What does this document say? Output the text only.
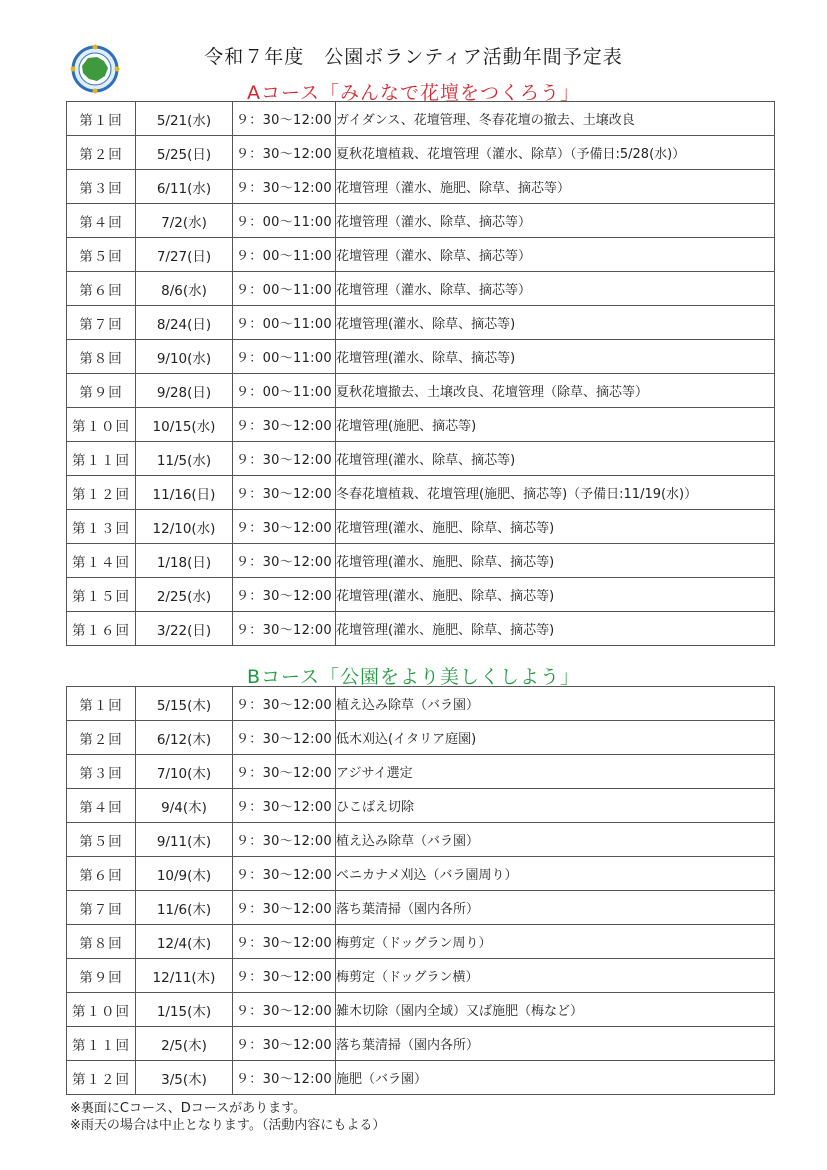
令和７年度　公園ボランティア活動年間予定表
Aコース「みんなで花壇をつくろう」
第１回	5/21(水)	９：30～12:00	ガイダンス、花壇管理、冬春花壇の撤去、土壌改良
第２回	5/25(日)	９：30～12:00	夏秋花壇植栽、花壇管理（灌水、除草）（予備日:5/28(水)）
第３回	6/11(水)	９：30～12:00	花壇管理（灌水、施肥、除草、摘芯等）
第４回	7/2(水)	９：00～11:00	花壇管理（灌水、除草、摘芯等）
第５回	7/27(日)	９：00～11:00	花壇管理（灌水、除草、摘芯等）
第６回	8/6(水)	９：00～11:00	花壇管理（灌水、除草、摘芯等）
第７回	8/24(日)	９：00～11:00	花壇管理(灌水、除草、摘芯等)
第８回	9/10(水)	９：00～11:00	花壇管理(灌水、除草、摘芯等)
第９回	9/28(日)	９：00～11:00	夏秋花壇撤去、土壌改良、花壇管理（除草、摘芯等）
第１０回	10/15(水)	９：30～12:00	花壇管理(施肥、摘芯等)
第１１回	11/5(水)	９：30～12:00	花壇管理(灌水、除草、摘芯等)
第１２回	11/16(日)	９：30～12:00	冬春花壇植栽、花壇管理(施肥、摘芯等)（予備日:11/19(水)）
第１３回	12/10(水)	９：30～12:00	花壇管理(灌水、施肥、除草、摘芯等)
第１４回	1/18(日)	９：30～12:00	花壇管理(灌水、施肥、除草、摘芯等)
第１５回	2/25(水)	９：30～12:00	花壇管理(灌水、施肥、除草、摘芯等)
第１６回	3/22(日)	９：30～12:00	花壇管理(灌水、施肥、除草、摘芯等)
Bコース「公園をより美しくしよう」
第１回	5/15(木)	９：30～12:00	植え込み除草（バラ園）
第２回	6/12(木)	９：30～12:00	低木刈込(イタリア庭園)
第３回	7/10(木)	９：30～12:00	アジサイ選定
第４回	9/4(木)	９：30～12:00	ひこばえ切除
第５回	9/11(木)	９：30～12:00	植え込み除草（バラ園）
第６回	10/9(木)	９：30～12:00	ベニカナメ刈込（バラ園周り）
第７回	11/6(木)	９：30～12:00	落ち葉清掃（園内各所）
第８回	12/4(木)	９：30～12:00	梅剪定（ドッグラン周り）
第９回	12/11(木)	９：30～12:00	梅剪定（ドッグラン横）
第１０回	1/15(木)	９：30～12:00	雑木切除（園内全域）又ば施肥（梅など）
第１１回	2/5(木)	９：30～12:00	落ち葉清掃（園内各所）
第１２回	3/5(木)	９：30～12:00	施肥（バラ園）
※裏面にCコース、Dコースがあります。
※雨天の場合は中止となります。（活動内容にもよる）
